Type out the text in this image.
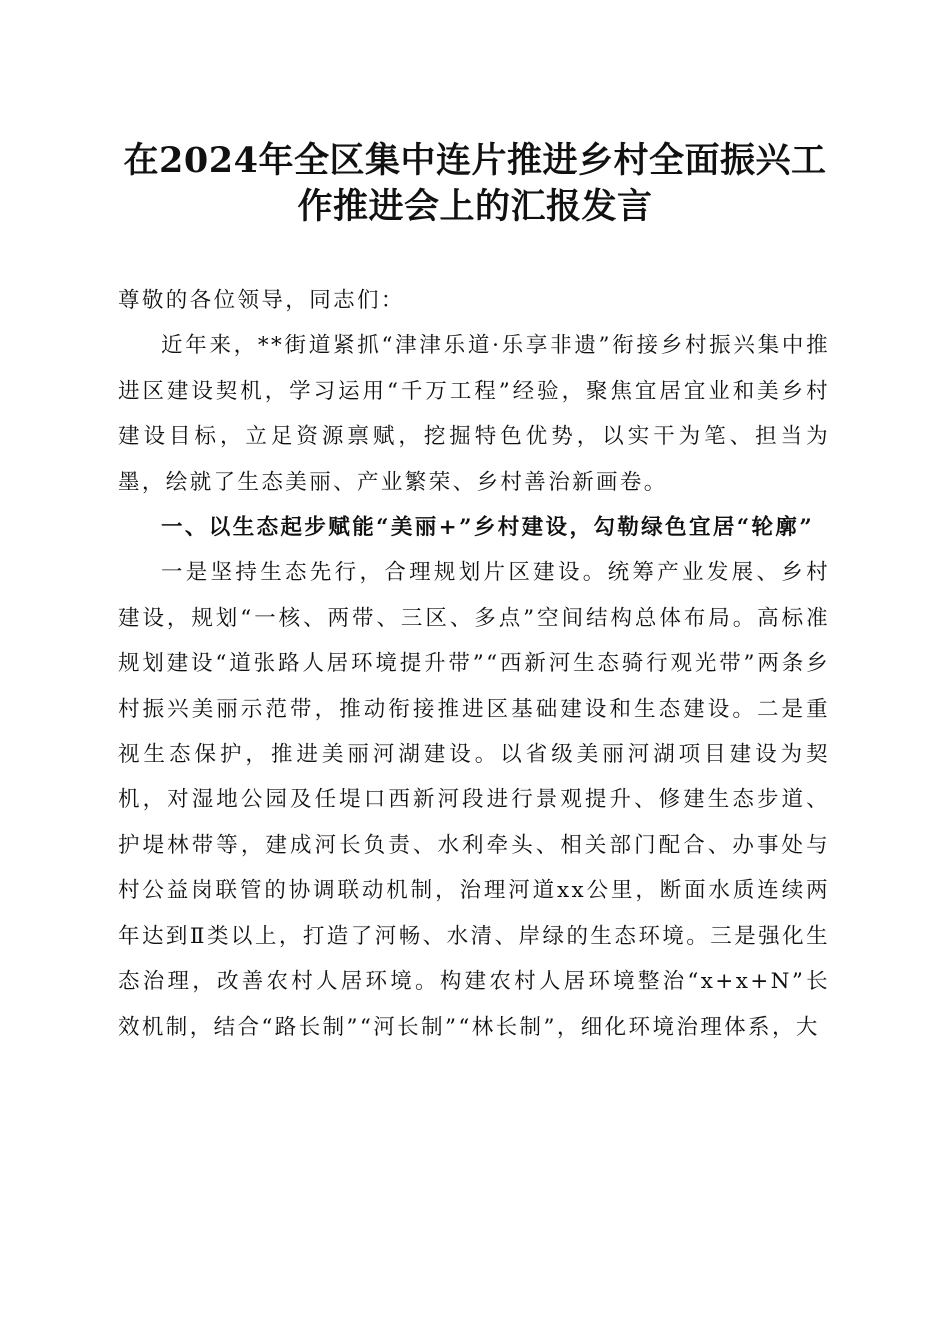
在2024年全区集中连片推进乡村全面振兴工作推进会上的汇报发言

尊敬的各位领导，同志们：

近年来，**街道紧抓“津津乐道·乐享非遗”衔接乡村振兴集中推进区建设契机，学习运用“千万工程”经验，聚焦宜居宜业和美乡村建设目标，立足资源禀赋，挖掘特色优势，以实干为笔、担当为墨，绘就了生态美丽、产业繁荣、乡村善治新画卷。

一、以生态起步赋能“美丽+”乡村建设，勾勒绿色宜居“轮廓”

一是坚持生态先行，合理规划片区建设。统筹产业发展、乡村建设，规划“一核、两带、三区、多点”空间结构总体布局。高标准规划建设“道张路人居环境提升带”“西新河生态骑行观光带”两条乡村振兴美丽示范带，推动衔接推进区基础建设和生态建设。二是重视生态保护，推进美丽河湖建设。以省级美丽河湖项目建设为契机，对湿地公园及任堤口西新河段进行景观提升、修建生态步道、护堤林带等，建成河长负责、水利牵头、相关部门配合、办事处与村公益岗联管的协调联动机制，治理河道xx公里，断面水质连续两年达到Ⅱ类以上，打造了河畅、水清、岸绿的生态环境。三是强化生态治理，改善农村人居环境。构建农村人居环境整治“x+x+N”长效机制，结合“路长制”“河长制”“林长制”，细化环境治理体系，大
